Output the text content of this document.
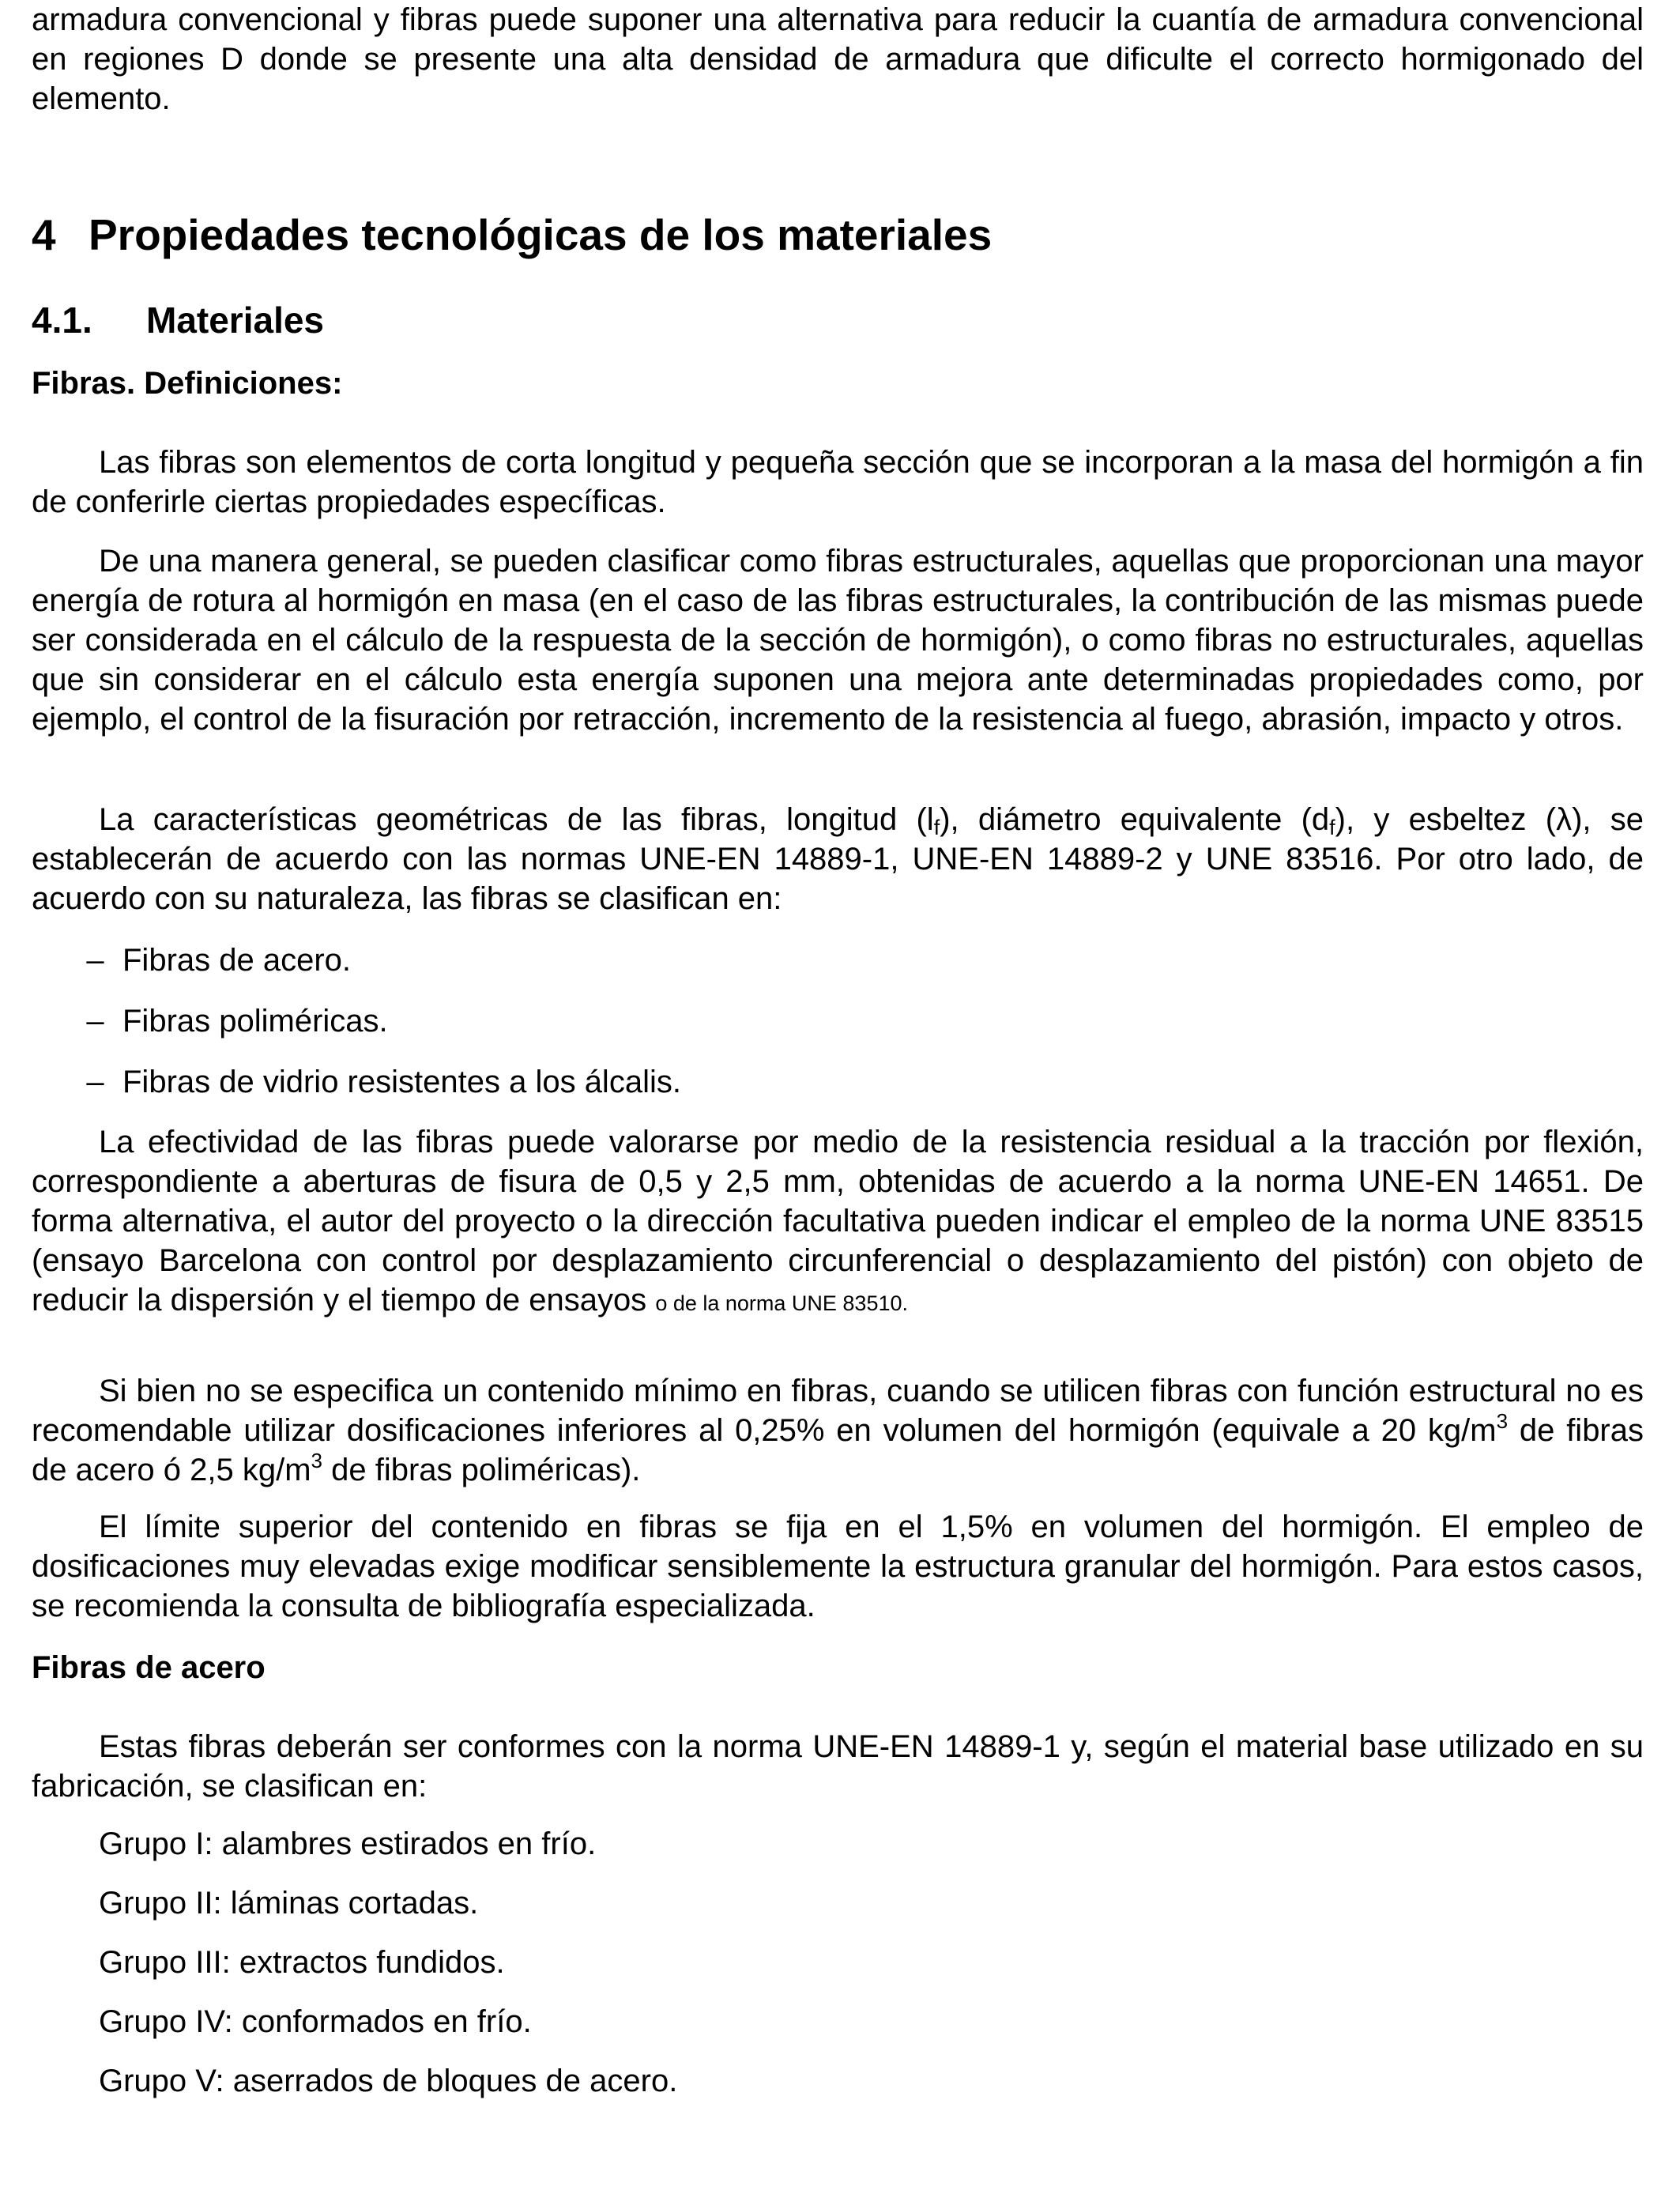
armadura convencional y fibras puede suponer una alternativa para reducir la cuantía de armadura convencional en regiones D donde se presente una alta densidad de armadura que dificulte el correcto hormigonado del elemento.

4 Propiedades tecnológicas de los materiales
4.1. Materiales
Fibras. Definiciones:

Las fibras son elementos de corta longitud y pequeña sección que se incorporan a la masa del hormigón a fin de conferirle ciertas propiedades específicas.

De una manera general, se pueden clasificar como fibras estructurales, aquellas que proporcionan una mayor energía de rotura al hormigón en masa (en el caso de las fibras estructurales, la contribución de las mismas puede ser considerada en el cálculo de la respuesta de la sección de hormigón), o como fibras no estructurales, aquellas que sin considerar en el cálculo esta energía suponen una mejora ante determinadas propiedades como, por ejemplo, el control de la fisuración por retracción, incremento de la resistencia al fuego, abrasión, impacto y otros.

La características geométricas de las fibras, longitud $(l_f)$, diámetro equivalente $(d_f)$, y esbeltez (λ), se establecerán de acuerdo con las normas UNE-EN 14889-1, UNE-EN 14889-2 y UNE 83516. Por otro lado, de acuerdo con su naturaleza, las fibras se clasifican en:

– Fibras de acero.
– Fibras poliméricas.
– Fibras de vidrio resistentes a los álcalis.

La efectividad de las fibras puede valorarse por medio de la resistencia residual a la tracción por flexión, correspondiente a aberturas de fisura de 0,5 y 2,5 mm, obtenidas de acuerdo a la norma UNE-EN 14651. De forma alternativa, el autor del proyecto o la dirección facultativa pueden indicar el empleo de la norma UNE 83515 (ensayo Barcelona con control por desplazamiento circunferencial o desplazamiento del pistón) con objeto de reducir la dispersión y el tiempo de ensayos o de la norma UNE 83510.

Si bien no se especifica un contenido mínimo en fibras, cuando se utilicen fibras con función estructural no es recomendable utilizar dosificaciones inferiores al 0,25% en volumen del hormigón (equivale a 20 $kg/m^3$ de fibras de acero ó 2,5 $kg/m^3$ de fibras poliméricas).

El límite superior del contenido en fibras se fija en el 1,5% en volumen del hormigón. El empleo de dosificaciones muy elevadas exige modificar sensiblemente la estructura granular del hormigón. Para estos casos, se recomienda la consulta de bibliografía especializada.

Fibras de acero

Estas fibras deberán ser conformes con la norma UNE-EN 14889-1 y, según el material base utilizado en su fabricación, se clasifican en:

Grupo I: alambres estirados en frío.
Grupo II: láminas cortadas.
Grupo III: extractos fundidos.
Grupo IV: conformados en frío.
Grupo V: aserrados de bloques de acero.
